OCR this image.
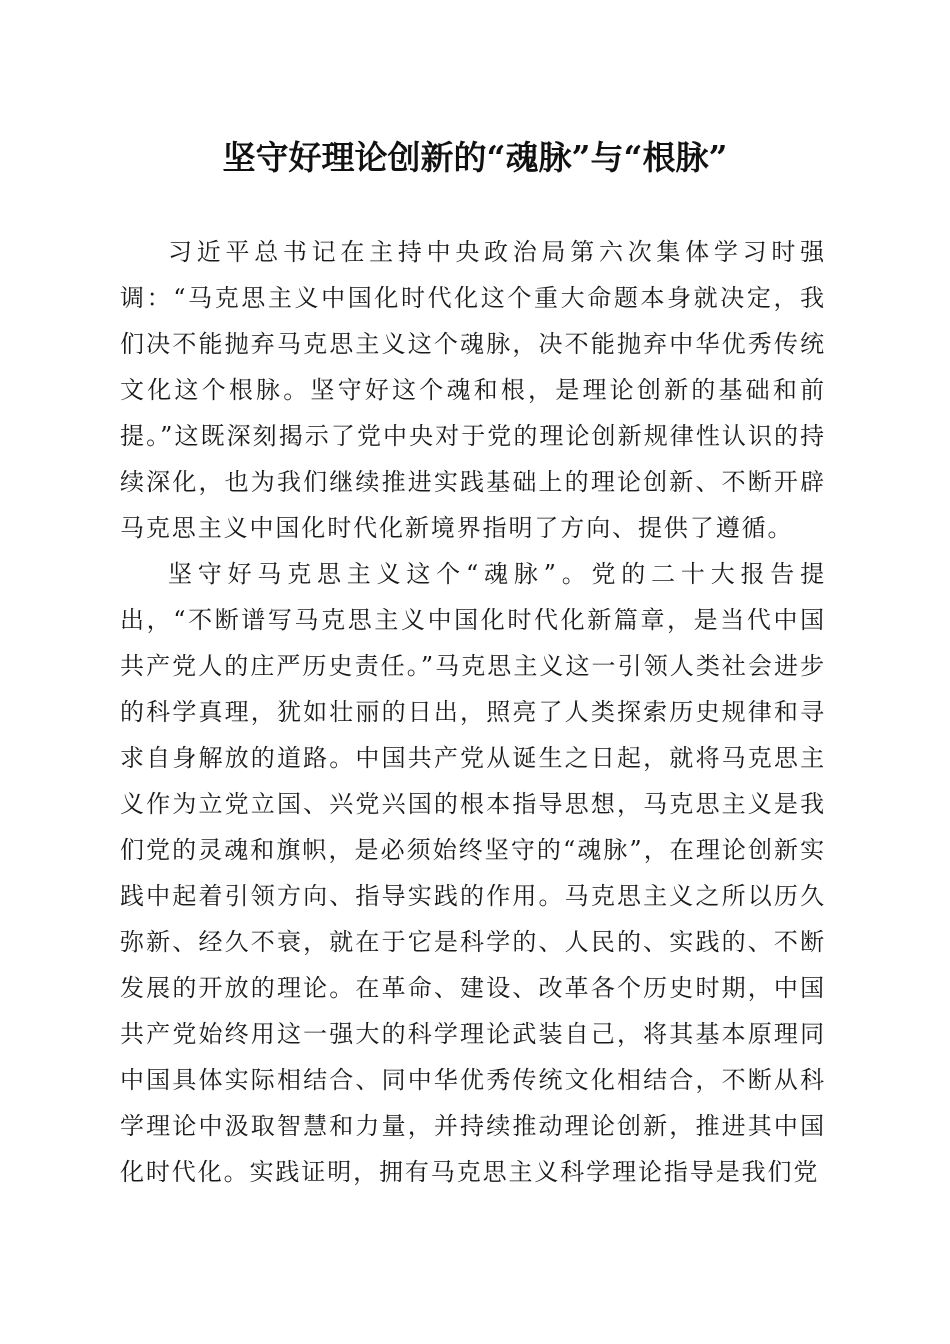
坚守好理论创新的“魂脉”与“根脉”

习近平总书记在主持中央政治局第六次集体学习时强调：“马克思主义中国化时代化这个重大命题本身就决定，我们决不能抛弃马克思主义这个魂脉，决不能抛弃中华优秀传统文化这个根脉。坚守好这个魂和根，是理论创新的基础和前提。”这既深刻揭示了党中央对于党的理论创新规律性认识的持续深化，也为我们继续推进实践基础上的理论创新、不断开辟马克思主义中国化时代化新境界指明了方向、提供了遵循。

坚守好马克思主义这个“魂脉”。党的二十大报告提出，“不断谱写马克思主义中国化时代化新篇章，是当代中国共产党人的庄严历史责任。”马克思主义这一引领人类社会进步的科学真理，犹如壮丽的日出，照亮了人类探索历史规律和寻求自身解放的道路。中国共产党从诞生之日起，就将马克思主义作为立党立国、兴党兴国的根本指导思想，马克思主义是我们党的灵魂和旗帜，是必须始终坚守的“魂脉”，在理论创新实践中起着引领方向、指导实践的作用。马克思主义之所以历久弥新、经久不衰，就在于它是科学的、人民的、实践的、不断发展的开放的理论。在革命、建设、改革各个历史时期，中国共产党始终用这一强大的科学理论武装自己，将其基本原理同中国具体实际相结合、同中华优秀传统文化相结合，不断从科学理论中汲取智慧和力量，并持续推动理论创新，推进其中国化时代化。实践证明，拥有马克思主义科学理论指导是我们党
